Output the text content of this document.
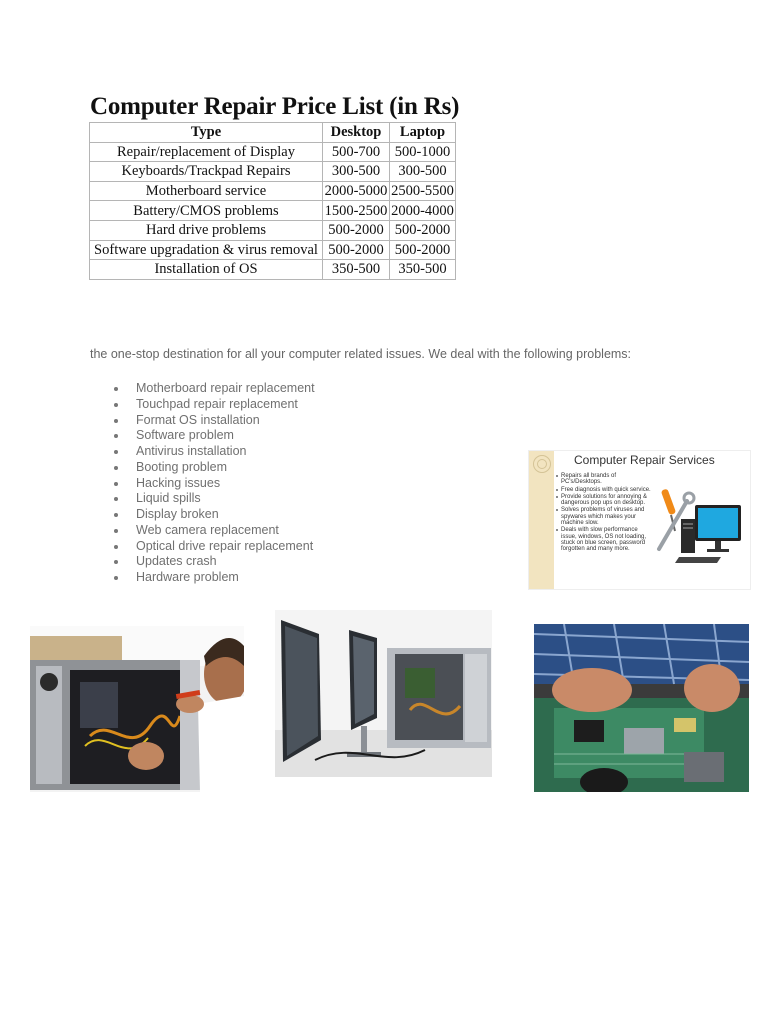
Computer Repair Price List (in Rs)
Type	Desktop	Laptop
Repair/replacement of Display	500-700	500-1000
Keyboards/Trackpad Repairs	300-500	300-500
Motherboard service	2000-5000	2500-5500
Battery/CMOS problems	1500-2500	2000-4000
Hard drive problems	500-2000	500-2000
Software upgradation & virus removal	500-2000	500-2000
Installation of OS	350-500	350-500
the one-stop destination for all your computer related issues. We deal with the following problems:
Motherboard repair replacement
Touchpad repair replacement
Format OS installation
Software problem
Antivirus installation
Booting problem
Hacking issues
Liquid spills
Display broken
Web camera replacement
Optical drive repair replacement
Updates crash
Hardware problem
Computer Repair Services
Repairs all brands of PC's/Desktops.
Free diagnosis with quick service.
Provide solutions for annoying & dangerous pop ups on desktop.
Solves problems of viruses and spywares which makes your machine slow.
Deals with slow performance issue, windows, OS not loading, stuck on blue screen, password forgotten and many more.
